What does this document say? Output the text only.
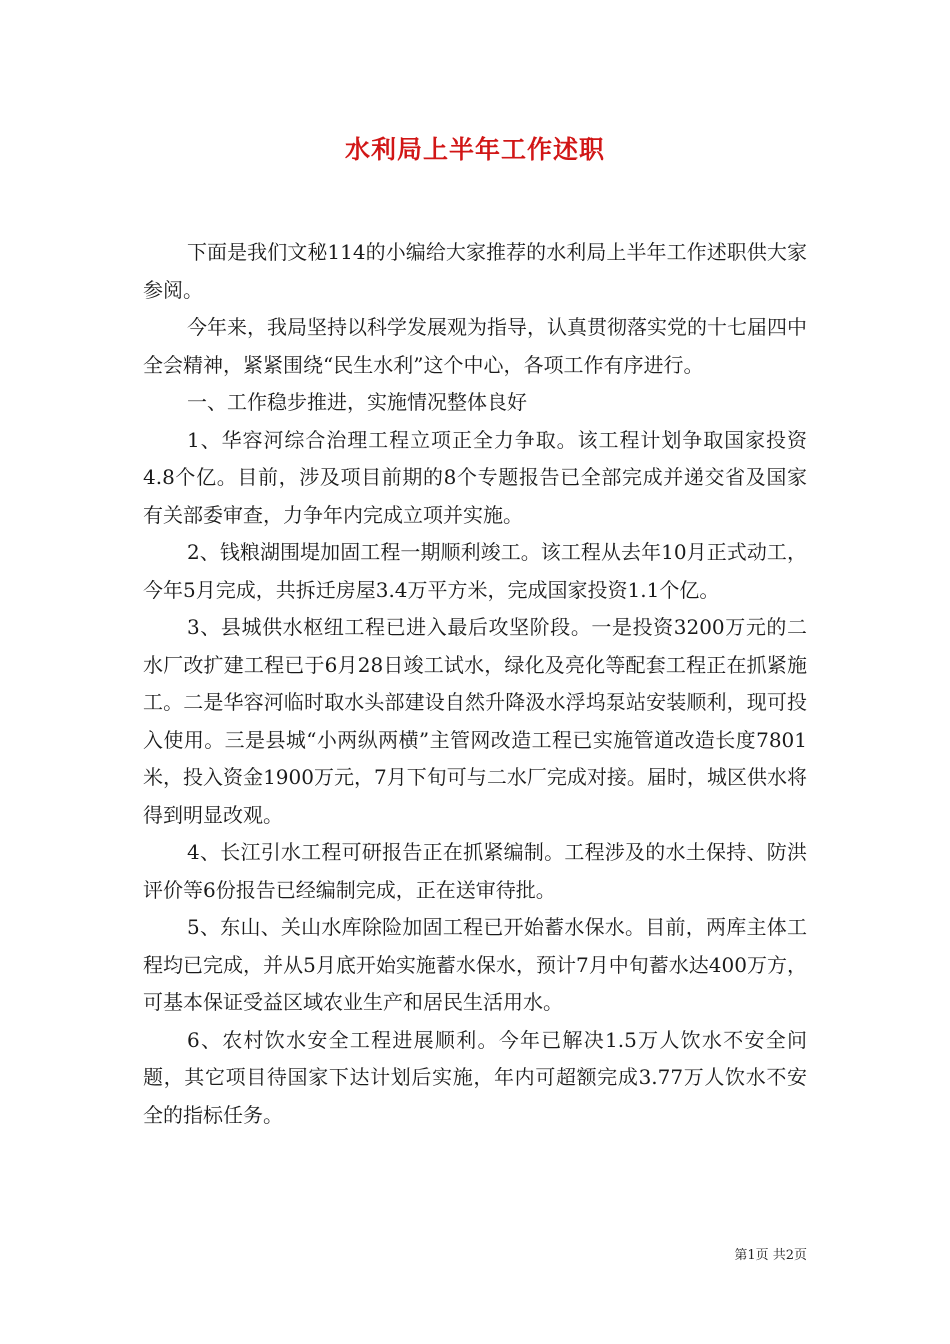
水利局上半年工作述职

下面是我们文秘114的小编给大家推荐的水利局上半年工作述职供大家参阅。

今年来，我局坚持以科学发展观为指导，认真贯彻落实党的十七届四中全会精神，紧紧围绕“民生水利”这个中心，各项工作有序进行。

一、工作稳步推进，实施情况整体良好

1、华容河综合治理工程立项正全力争取。该工程计划争取国家投资4.8个亿。目前，涉及项目前期的8个专题报告已全部完成并递交省及国家有关部委审查，力争年内完成立项并实施。

2、钱粮湖围堤加固工程一期顺利竣工。该工程从去年10月正式动工，今年5月完成，共拆迁房屋3.4万平方米，完成国家投资1.1个亿。

3、县城供水枢纽工程已进入最后攻坚阶段。一是投资3200万元的二水厂改扩建工程已于6月28日竣工试水，绿化及亮化等配套工程正在抓紧施工。二是华容河临时取水头部建设自然升降汲水浮坞泵站安装顺利，现可投入使用。三是县城“小两纵两横”主管网改造工程已实施管道改造长度7801米，投入资金1900万元，7月下旬可与二水厂完成对接。届时，城区供水将得到明显改观。

4、长江引水工程可研报告正在抓紧编制。工程涉及的水土保持、防洪评价等6份报告已经编制完成，正在送审待批。

5、东山、关山水库除险加固工程已开始蓄水保水。目前，两库主体工程均已完成，并从5月底开始实施蓄水保水，预计7月中旬蓄水达400万方，可基本保证受益区域农业生产和居民生活用水。

6、农村饮水安全工程进展顺利。今年已解决1.5万人饮水不安全问题，其它项目待国家下达计划后实施，年内可超额完成3.77万人饮水不安全的指标任务。

第1页 共2页
